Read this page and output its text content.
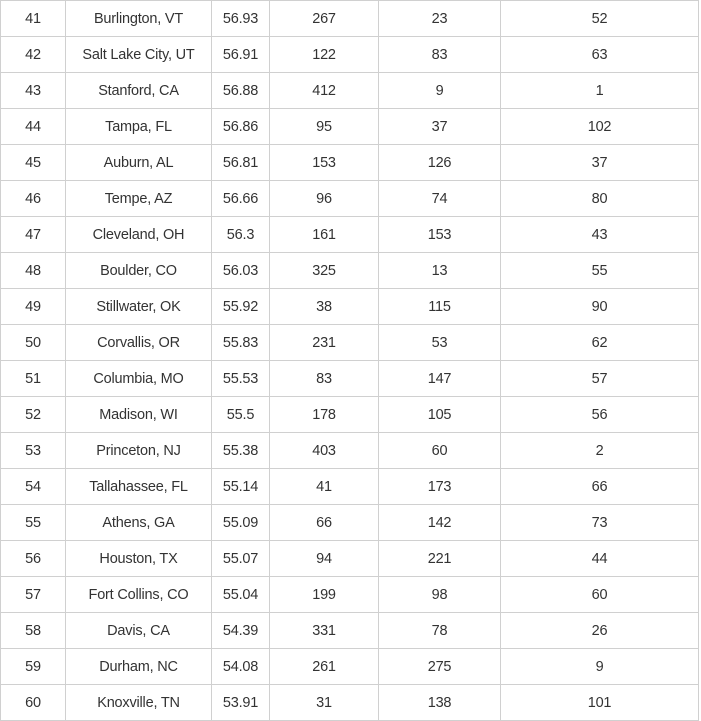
41	Burlington, VT	56.93	267	23	52
42	Salt Lake City, UT	56.91	122	83	63
43	Stanford, CA	56.88	412	9	1
44	Tampa, FL	56.86	95	37	102
45	Auburn, AL	56.81	153	126	37
46	Tempe, AZ	56.66	96	74	80
47	Cleveland, OH	56.3	161	153	43
48	Boulder, CO	56.03	325	13	55
49	Stillwater, OK	55.92	38	115	90
50	Corvallis, OR	55.83	231	53	62
51	Columbia, MO	55.53	83	147	57
52	Madison, WI	55.5	178	105	56
53	Princeton, NJ	55.38	403	60	2
54	Tallahassee, FL	55.14	41	173	66
55	Athens, GA	55.09	66	142	73
56	Houston, TX	55.07	94	221	44
57	Fort Collins, CO	55.04	199	98	60
58	Davis, CA	54.39	331	78	26
59	Durham, NC	54.08	261	275	9
60	Knoxville, TN	53.91	31	138	101
